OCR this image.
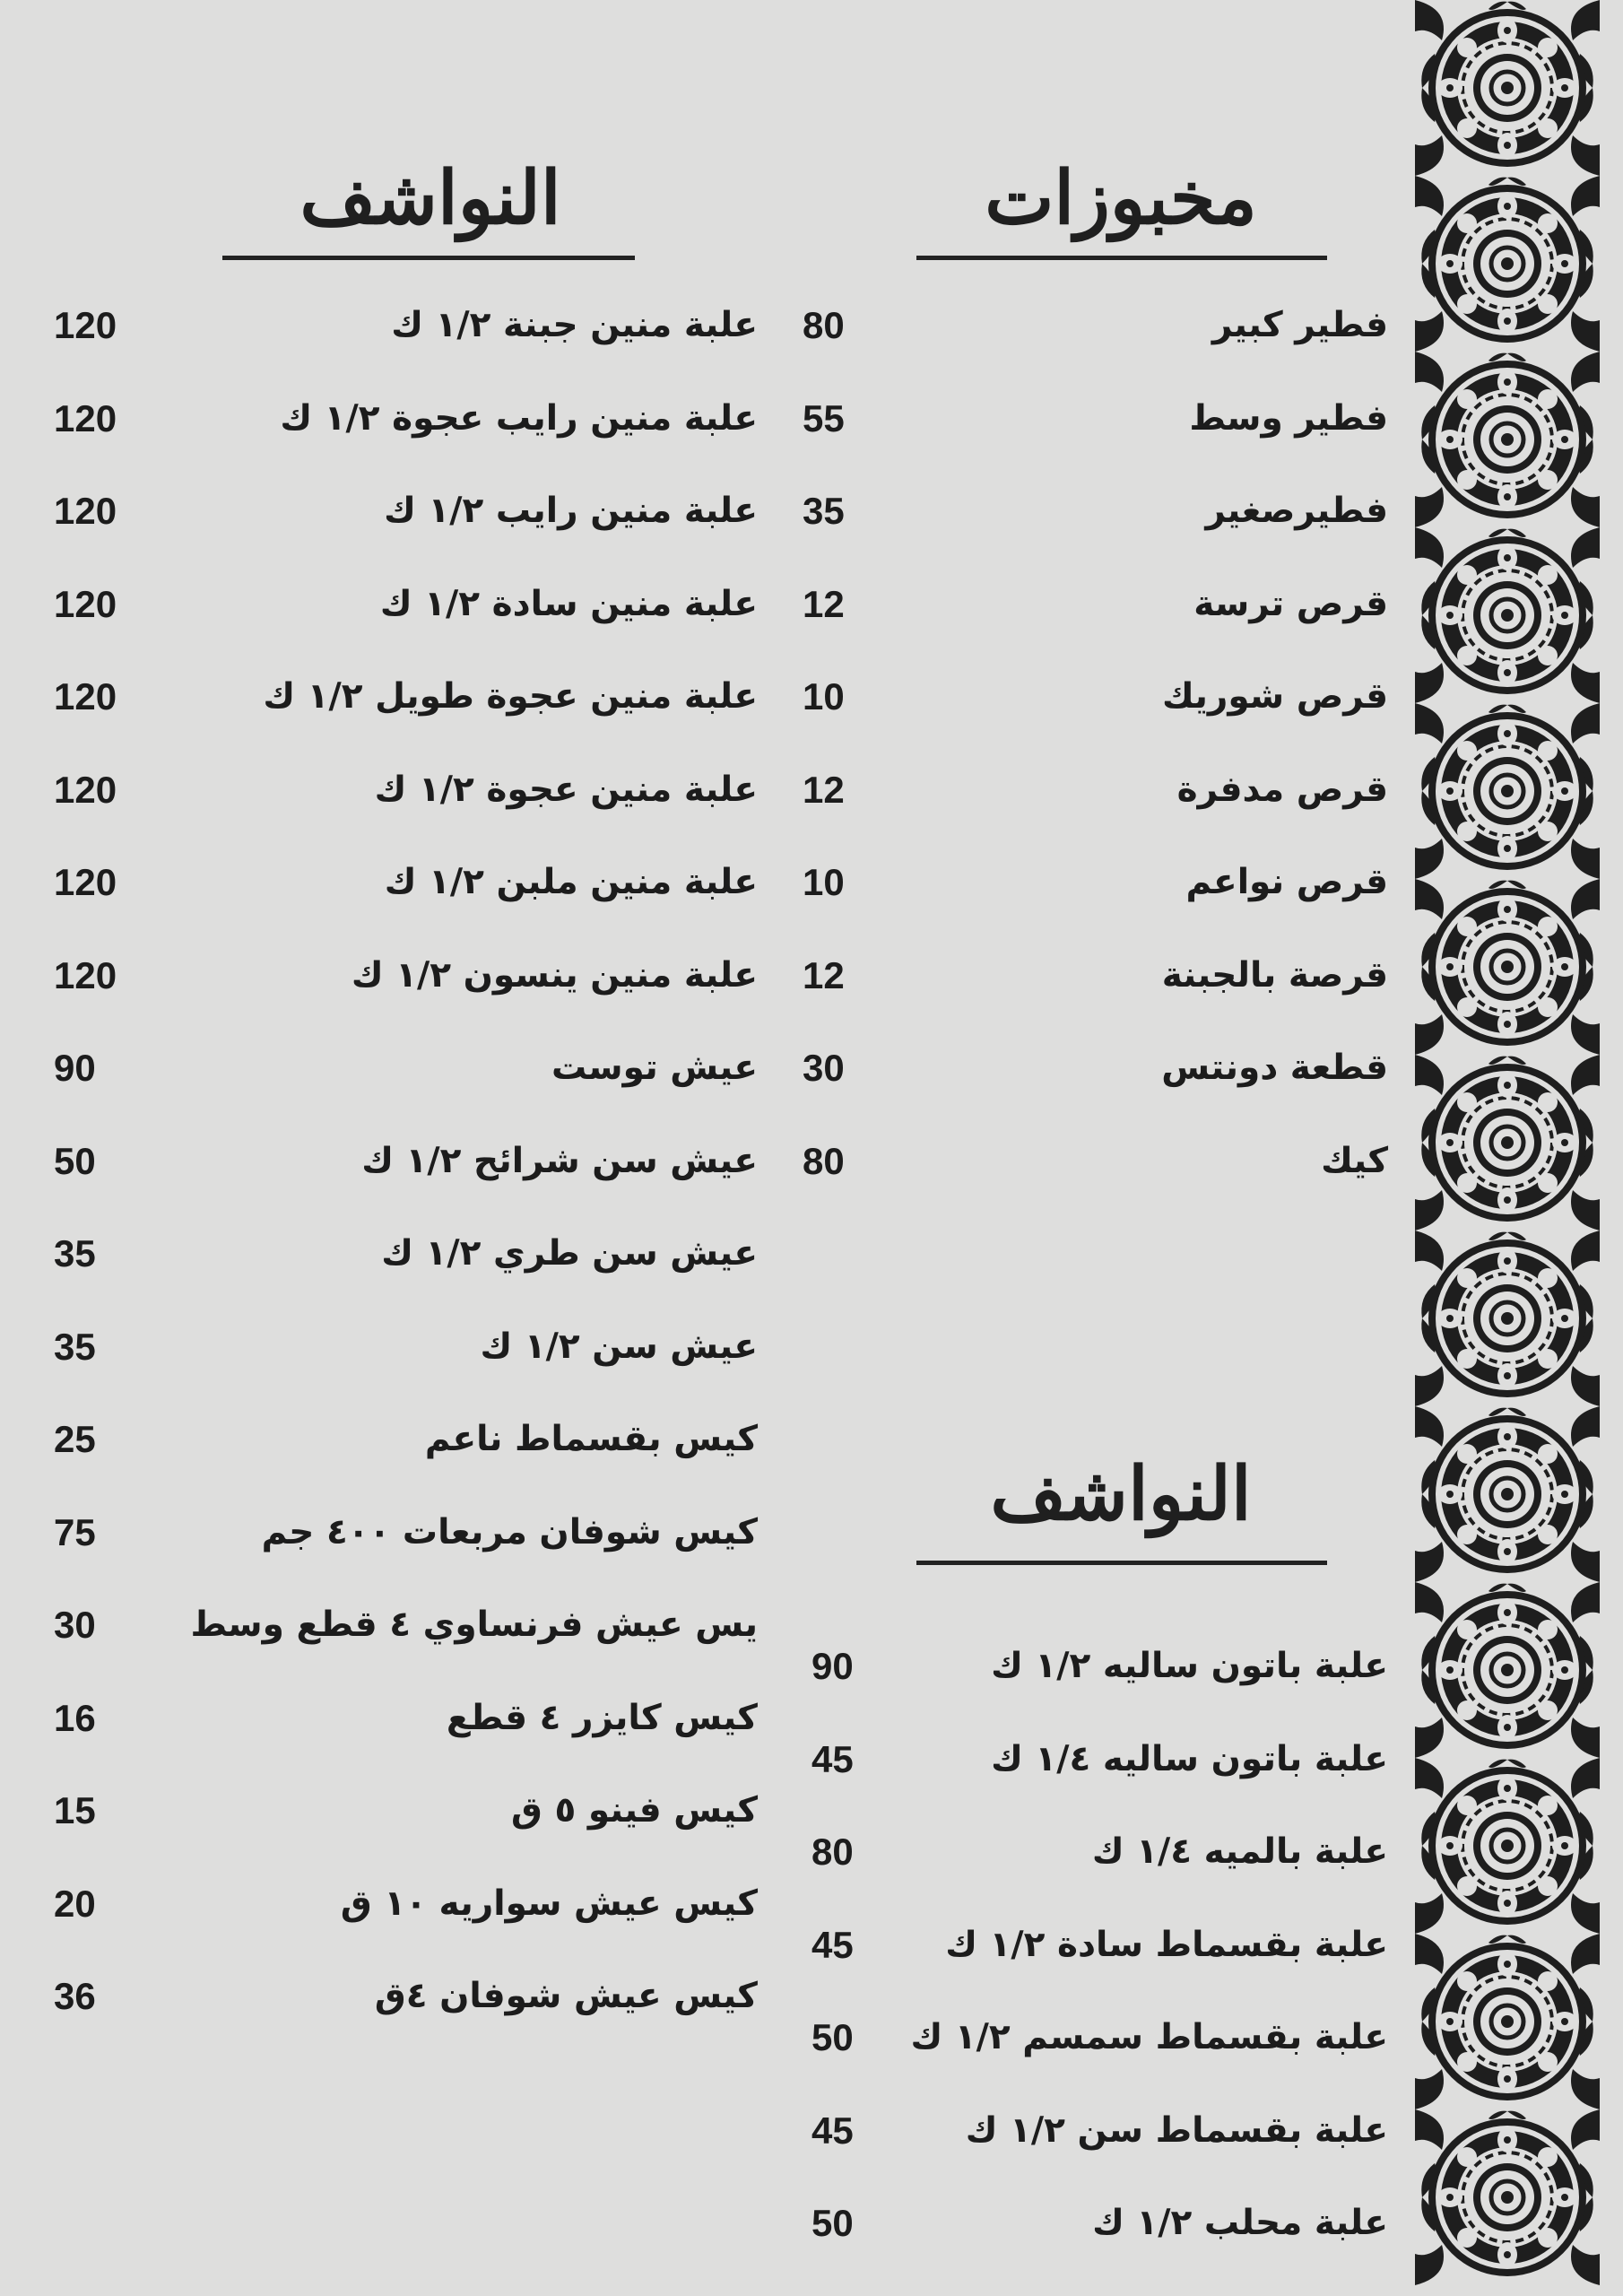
مخبوزات
فطير كبير
80
فطير وسط
55
فطيرصغير
35
قرص ترسة
12
قرص شوريك
10
قرص مدفرة
12
قرص نواعم
10
قرصة بالجبنة
12
قطعة دونتس
30
كيك
80
النواشف
علبة باتون ساليه ١/٢ ك
90
علبة باتون ساليه ١/٤ ك
45
علبة بالميه ١/٤ ك
80
علبة بقسماط سادة ١/٢ ك
45
علبة بقسماط سمسم ١/٢ ك
50
علبة بقسماط سن ١/٢ ك
45
علبة محلب ١/٢ ك
50
النواشف
علبة منين جبنة ١/٢ ك
120
علبة منين رايب عجوة ١/٢ ك
120
علبة منين رايب ١/٢ ك
120
علبة منين سادة ١/٢ ك
120
علبة منين عجوة طويل ١/٢ ك
120
علبة منين عجوة ١/٢ ك
120
علبة منين ملبن ١/٢ ك
120
علبة منين ينسون ١/٢ ك
120
عيش توست
90
عيش سن شرائح ١/٢ ك
50
عيش سن طري ١/٢ ك
35
عيش سن ١/٢ ك
35
كيس بقسماط ناعم
25
كيس شوفان مربعات ٤٠٠ جم
75
يس عيش فرنساوي ٤ قطع وسط
30
كيس كايزر ٤ قطع
16
كيس فينو ٥ ق
15
كيس عيش سواريه ١٠ ق
20
كيس عيش شوفان ٤ق
36
